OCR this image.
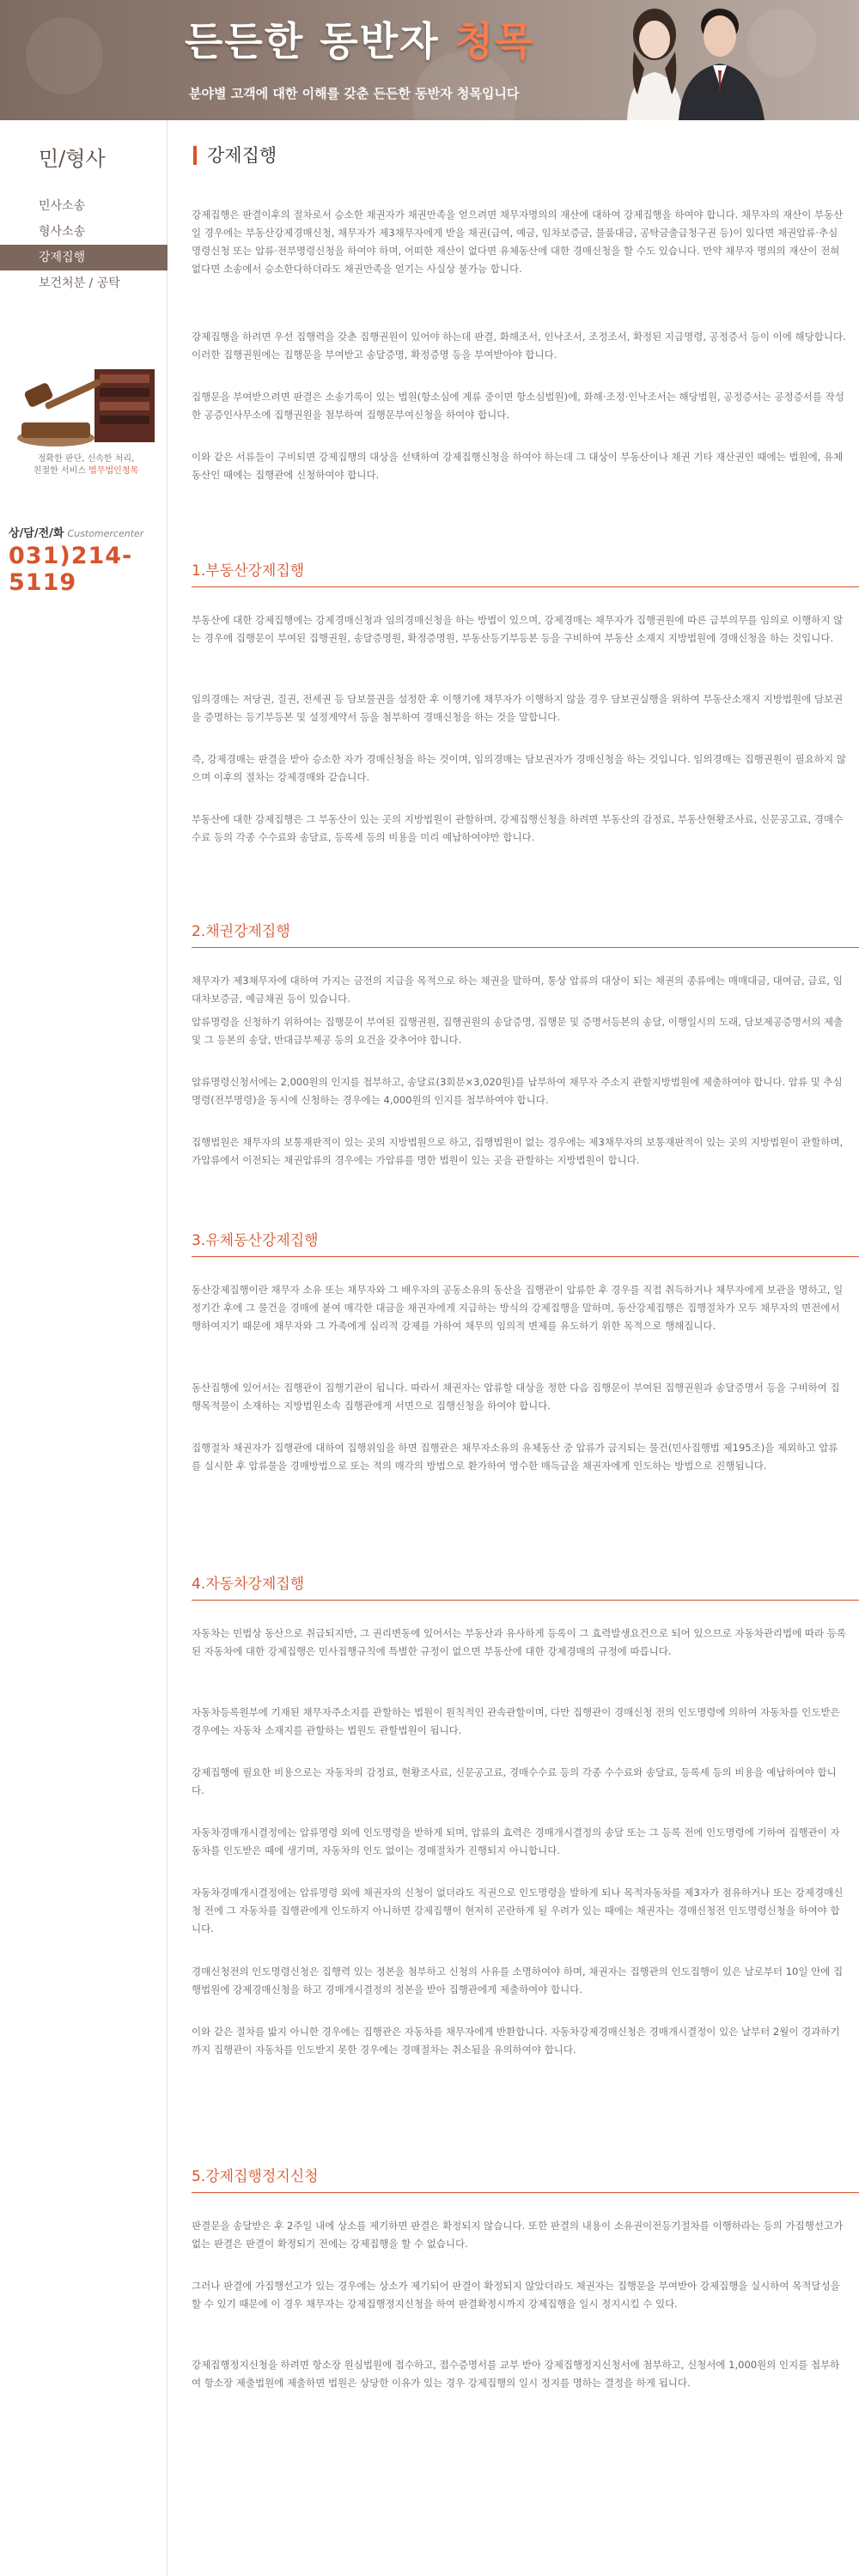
든든한 동반자 청목
분야별 고객에 대한 이해를 갖춘 든든한 동반자 청목입니다
민/형사
민사소송
형사소송
강제집행
보건처분 / 공탁
정확한 판단, 신속한 처리,
친절한 서비스 법무법인청목
상/담/전/화 Customercenter
031)214-5119
강제집행
강제집행은 판결이후의 절차로서 승소한 채권자가 채권만족을 얻으려면 채무자명의의 재산에 대하여 강제집행을 하여야 합니다. 채무자의 재산이 부동산일 경우에는 부동산강제경매신청, 채무자가 제3채무자에게 받을 채권(급여, 예금, 임차보증금, 물품대금, 공탁금출급청구권 등)이 있다면 채권압류·추심명령신청 또는 압류·전부명령신청을 하여야 하며, 어떠한 재산이 없다면 유체동산에 대한 경매신청을 할 수도 있습니다. 만약 채무자 명의의 재산이 전혀 없다면 소송에서 승소한다하더라도 채권만족을 얻기는 사실상 불가능 합니다.
강제집행을 하려면 우선 집행력을 갖춘 집행권원이 있어야 하는데 판결, 화해조서, 인낙조서, 조정조서, 확정된 지급명령, 공정증서 등이 이에 해당합니다. 이러한 집행권원에는 집행문을 부여받고 송달증명, 확정증명 등을 부여받아야 합니다.
집행문을 부여받으려면 판결은 소송기록이 있는 법원(항소심에 계류 중이면 항소심법원)에, 화해·조정·인낙조서는 해당법원, 공정증서는 공정증서를 작성한 공증인사무소에 집행권원을 첨부하여 집행문부여신청을 하여야 합니다.
이와 같은 서류들이 구비되면 강제집행의 대상을 선택하여 강제집행신청을 하여야 하는데 그 대상이 부동산이나 채권 기타 재산권인 때에는 법원에, 유체동산인 때에는 집행관에 신청하여야 합니다.
1.부동산강제집행
부동산에 대한 강제집행에는 강제경매신청과 임의경매신청을 하는 방법이 있으며, 강제경매는 채무자가 집행권원에 따른 급부의무를 임의로 이행하지 않는 경우에 집행문이 부여된 집행권원, 송달증명원, 확정증명원, 부동산등기부등본 등을 구비하여 부동산 소재지 지방법원에 경매신청을 하는 것입니다.
임의경매는 저당권, 질권, 전세권 등 담보물권을 설정한 후 이행기에 채무자가 이행하지 않을 경우 담보권실행을 위하여 부동산소재지 지방법원에 담보권을 증명하는 등기부등본 및 설정계약서 등을 첨부하여 경매신청을 하는 것을 말합니다.
즉, 강제경매는 판결을 받아 승소한 자가 경매신청을 하는 것이며, 임의경매는 담보권자가 경매신청을 하는 것입니다. 임의경매는 집행권원이 필요하지 않으며 이후의 절차는 강제경매와 같습니다.
부동산에 대한 강제집행은 그 부동산이 있는 곳의 지방법원이 관할하며, 강제집행신청을 하려면 부동산의 감정료, 부동산현황조사료, 신문공고료, 경매수수료 등의 각종 수수료와 송달료, 등록세 등의 비용을 미리 예납하여야만 합니다.
2.채권강제집행
채무자가 제3채무자에 대하여 가지는 금전의 지급을 목적으로 하는 채권을 말하며, 통상 압류의 대상이 되는 채권의 종류에는 매매대금, 대여금, 급료, 임대차보증금, 예금채권 등이 있습니다.
압류명령을 신청하기 위하여는 집행문이 부여된 집행권원, 집행권원의 송달증명, 집행문 및 증명서등본의 송달, 이행일시의 도래, 담보제공증명서의 제출 및 그 등본의 송달, 반대급부제공 등의 요건을 갖추어야 합니다.
압류명령신청서에는 2,000원의 인지를 첩부하고, 송달료(3회분×3,020원)를 납부하여 채무자 주소지 관할지방법원에 제출하여야 합니다. 압류 및 추심명령(전부명령)을 동시에 신청하는 경우에는 4,000원의 인지를 첩부하여야 합니다.
집행법원은 채무자의 보통재판적이 있는 곳의 지방법원으로 하고, 집행법원이 없는 경우에는 제3채무자의 보통재판적이 있는 곳의 지방법원이 관할하며, 가압류에서 이전되는 채권압류의 경우에는 가압류를 명한 법원이 있는 곳을 관할하는 지방법원이 합니다.
3.유체동산강제집행
동산강제집행이란 채무자 소유 또는 채무자와 그 배우자의 공동소유의 동산을 집행관이 압류한 후 경우를 직접 취득하거나 채무자에게 보관을 명하고, 일정기간 후에 그 물건을 경매에 붙여 매각한 대금을 채권자에게 지급하는 방식의 강제집행을 말하며, 동산강제집행은 집행절차가 모두 채무자의 면전에서 행하여지기 때문에 채무자와 그 가족에게 심리적 강제를 가하여 채무의 임의적 변제를 유도하기 위한 목적으로 행해집니다.
동산집행에 있어서는 집행관이 집행기관이 됩니다. 따라서 채권자는 압류할 대상을 정한 다음 집행문이 부여된 집행권원과 송달증명서 등을 구비하여 집행목적물이 소재하는 지방법원소속 집행관에게 서면으로 집행신청을 하여야 합니다.
집행절차 채권자가 집행관에 대하여 집행위임을 하면 집행관은 채무자소유의 유체동산 중 압류가 금지되는 물건(민사집행법 제195조)을 제외하고 압류를 실시한 후 압류물을 경매방법으로 또는 적의 매각의 방법으로 환가하여 영수한 매득금을 채권자에게 인도하는 방법으로 진행됩니다.
4.자동차강제집행
자동차는 민법상 동산으로 취급되지만, 그 권리변동에 있어서는 부동산과 유사하게 등록이 그 효력발생요건으로 되어 있으므로 자동차관리법에 따라 등록된 자동차에 대한 강제집행은 민사집행규칙에 특별한 규정이 없으면 부동산에 대한 강제경매의 규정에 따릅니다.
자동차등록원부에 기재된 채무자주소지를 관할하는 법원이 원칙적인 관속관할이며, 다만 집행관이 경매신청 전의 인도명령에 의하여 자동차를 인도받은 경우에는 자동차 소재지를 관할하는 법원도 관할법원이 됩니다.
강제집행에 필요한 비용으로는 자동차의 감정료, 현황조사료, 신문공고료, 경매수수료 등의 각종 수수료와 송달료, 등록세 등의 비용을 예납하여야 합니다.
자동차경매개시결정에는 압류명령 외에 인도명령을 받하게 되며, 압류의 효력은 경매개시결정의 송달 또는 그 등록 전에 인도명령에 기하여 집행관이 자동차를 인도받은 때에 생기며, 자동차의 인도 없이는 경매절차가 진행되지 아니합니다.
자동차경매개시결정에는 압류명령 외에 채권자의 신청이 없더라도 직권으로 인도명령을 발하게 되나 목적자동차를 제3자가 점유하거나 또는 강제경매신청 전에 그 자동차를 집행관에게 인도하지 아니하면 강제집행이 현저히 곤란하게 될 우려가 있는 때에는 채권자는 경매신청전 인도명령신청을 하여야 합니다.
경매신청전의 인도명령신청은 집행력 있는 정본을 첨부하고 신청의 사유를 소명하여야 하며, 채권자는 집행관의 인도집행이 있은 날로부터 10일 안에 집행법원에 강제경매신청을 하고 경매개시결정의 정본을 받아 집행관에게 제출하여야 합니다.
이와 같은 절차를 밟지 아니한 경우에는 집행관은 자동차를 채무자에게 반환합니다. 자동차강제경매신청은 경매개시결정이 있은 날부터 2월이 경과하기까지 집행관이 자동차를 인도받지 못한 경우에는 경매절차는 취소됨을 유의하여야 합니다.
5.강제집행정지신청
판결문을 송달받은 후 2주일 내에 상소를 제기하면 판결은 확정되지 않습니다. 또한 판결의 내용이 소유권이전등기절차를 이행하라는 등의 가집행선고가 없는 판결은 판결이 확정되기 전에는 강제집행을 할 수 없습니다.
그러나 판결에 가집행선고가 있는 경우에는 상소가 제기되어 판결이 확정되지 않았더라도 채권자는 집행문을 부여받아 강제집행을 실시하여 목적달성을 할 수 있기 때문에 이 경우 채무자는 강제집행정지신청을 하여 판결확정시까지 강제집행을 일시 정지시킬 수 있다.
강제집행정지신청을 하려면 항소장 원심법원에 접수하고, 접수증명서를 교부 받아 강제집행정지신청서에 첨부하고, 신청서에 1,000원의 인지를 첩부하여 항소장 제출법원에 제출하면 법원은 상당한 이유가 있는 경우 강제집행의 일시 정지를 명하는 결정을 하게 됩니다.
